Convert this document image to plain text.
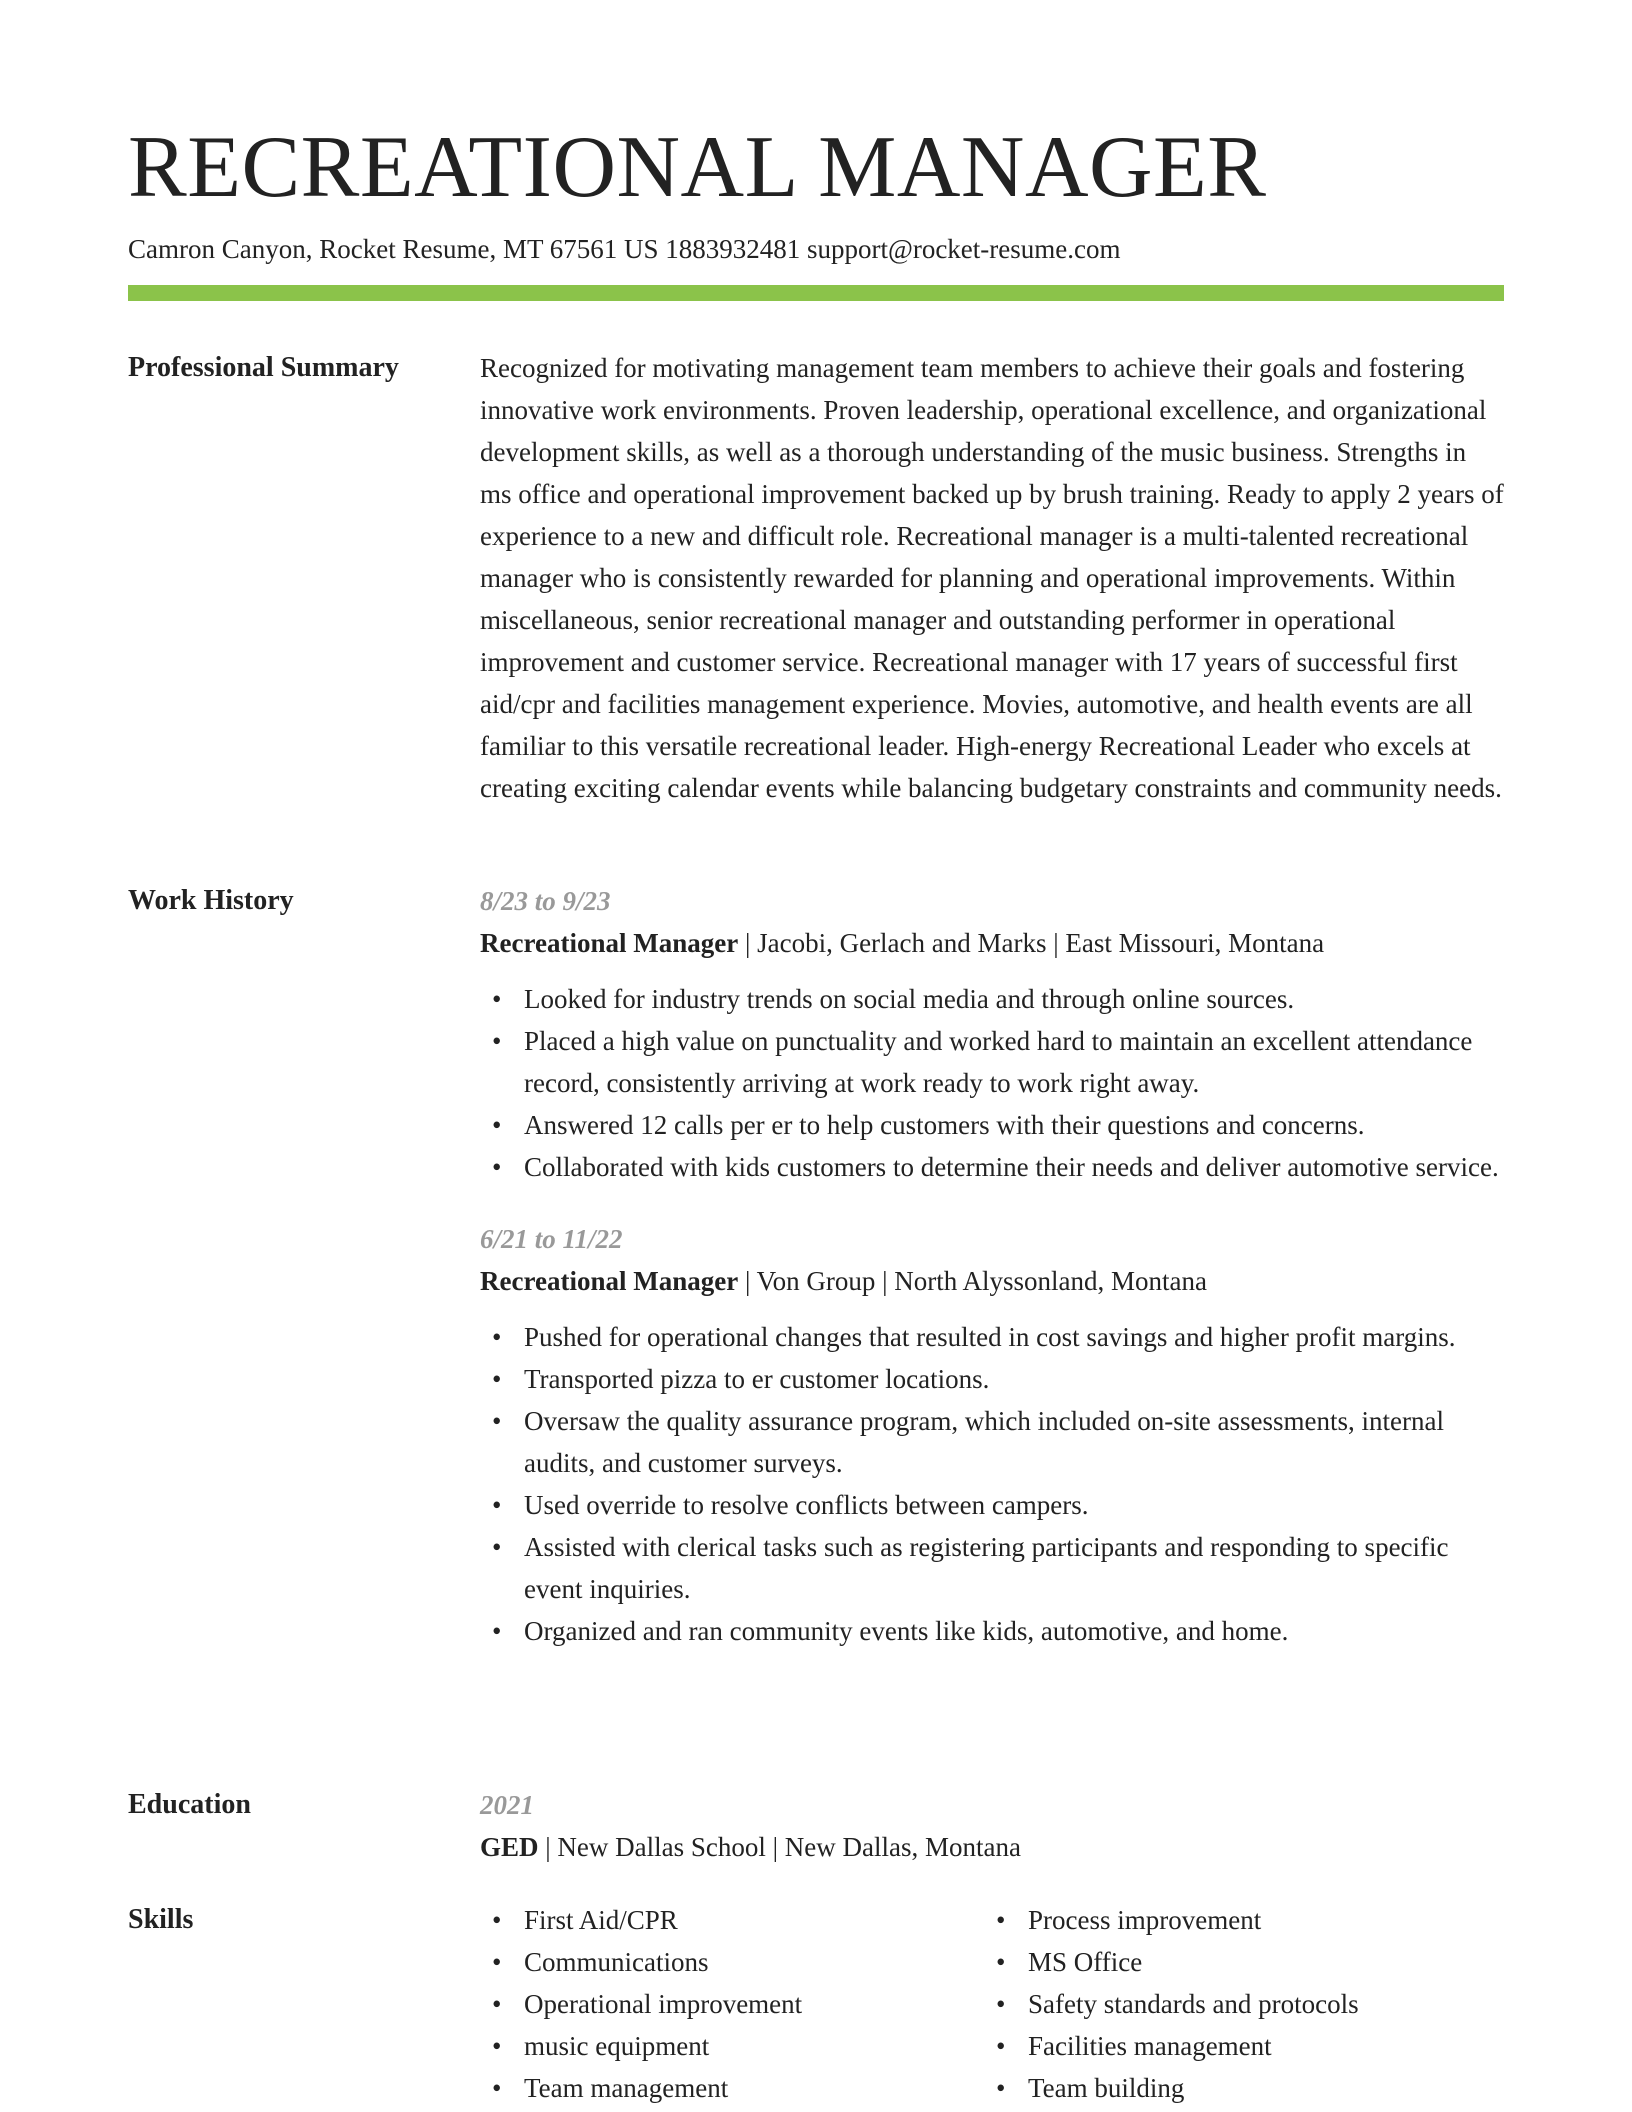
RECREATIONAL MANAGER
Camron Canyon, Rocket Resume, MT 67561 US 1883932481 support@rocket-resume.com
Professional Summary	Recognized for motivating management team members to achieve their goals and fostering innovative work environments. Proven leadership, operational excellence, and organizational development skills, as well as a thorough understanding of the music business. Strengths in ms office and operational improvement backed up by brush training. Ready to apply 2 years of experience to a new and difficult role. Recreational manager is a multi-talented recreational manager who is consistently rewarded for planning and operational improvements. Within miscellaneous, senior recreational manager and outstanding performer in operational improvement and customer service. Recreational manager with 17 years of successful first aid/cpr and facilities management experience. Movies, automotive, and health events are all familiar to this versatile recreational leader. High-energy Recreational Leader who excels at creating exciting calendar events while balancing budgetary constraints and community needs.

Work History	8/23 to 9/23
Recreational Manager | Jacobi, Gerlach and Marks | East Missouri, Montana
• Looked for industry trends on social media and through online sources.
• Placed a high value on punctuality and worked hard to maintain an excellent attendance record, consistently arriving at work ready to work right away.
• Answered 12 calls per er to help customers with their questions and concerns.
• Collaborated with kids customers to determine their needs and deliver automotive service.
6/21 to 11/22
Recreational Manager | Von Group | North Alyssonland, Montana
• Pushed for operational changes that resulted in cost savings and higher profit margins.
• Transported pizza to er customer locations.
• Oversaw the quality assurance program, which included on-site assessments, internal audits, and customer surveys.
• Used override to resolve conflicts between campers.
• Assisted with clerical tasks such as registering participants and responding to specific event inquiries.
• Organized and ran community events like kids, automotive, and home.
Education	2021
GED | New Dallas School | New Dallas, Montana
Skills
•	First Aid/CPR
• Communications
• Operational improvement
• music equipment
• Team management
• Process improvement
• MS Office
• Safety standards and protocols
• Facilities management
• Team building
